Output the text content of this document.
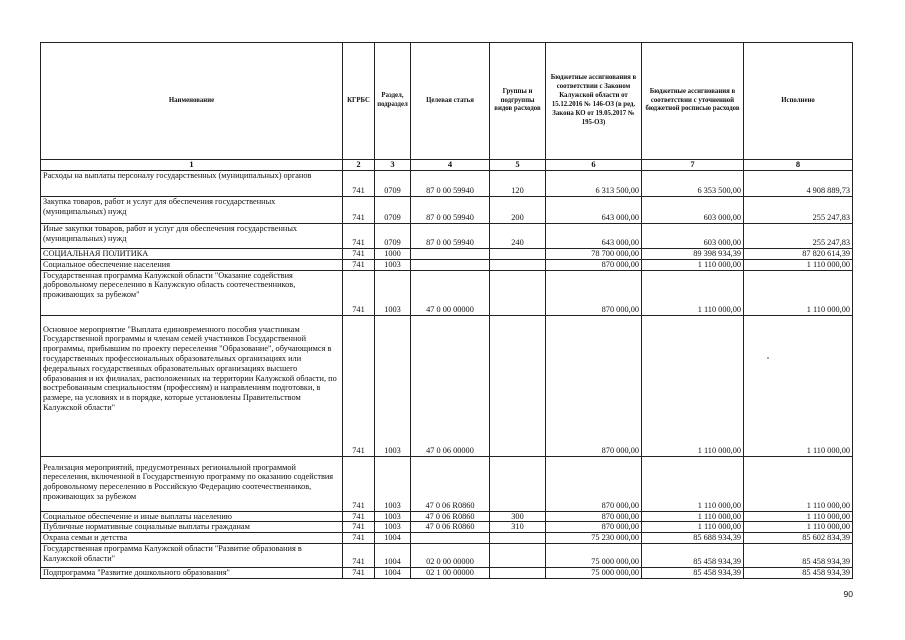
Наименование	КГРБС	Раздел, подраздел	Целевая статья	Группы и подгруппы видов расходов	Бюджетные ассигнования в соответствии с Законом Калужской области от 15.12.2016 № 146-ОЗ (в ред. Закона КО от 19.05.2017 № 195-ОЗ)	Бюджетные ассигнования в соответствии с уточненной бюджетной росписью расходов	Исполнено
1	2	3	4	5	6	7	8
Расходы на выплаты персоналу государственных (муниципальных) органов	741	0709	87 0 00 59940	120	6 313 500,00	6 353 500,00	4 908 889,73
Закупка товаров, работ и услуг для обеспечения государственных (муниципальных) нужд	741	0709	87 0 00 59940	200	643 000,00	603 000,00	255 247,83
Иные закупки товаров, работ и услуг для обеспечения государственных (муниципальных) нужд	741	0709	87 0 00 59940	240	643 000,00	603 000,00	255 247,83
СОЦИАЛЬНАЯ ПОЛИТИКА	741	1000			78 700 000,00	89 398 934,39	87 820 614,39
Социальное обеспечение населения	741	1003			870 000,00	1 110 000,00	1 110 000,00
Государственная программа Калужской области "Оказание содействия добровольному переселению в Калужскую область соотечественников, проживающих за рубежом"	741	1003	47 0 00 00000		870 000,00	1 110 000,00	1 110 000,00
Основное мероприятие "Выплата единовременного пособия участникам Государственной программы и членам семей участников Государственной программы, прибывшим по проекту переселения "Образование", обучающимся в государственных профессиональных образовательных организациях или федеральных государственных образовательных организациях высшего образования и их филиалах, расположенных на территории Калужской области, по востребованным специальностям (профессиям) и направлениям подготовки, в размере, на условиях и в порядке, которые установлены Правительством Калужской области"	741	1003	47 0 06 00000		870 000,00	1 110 000,00	1 110 000,00
Реализация мероприятий, предусмотренных региональной программой переселения, включенной в Государственную программу по оказанию содействия добровольному переселению в Российскую Федерацию соотечественников, проживающих за рубежом	741	1003	47 0 06 R0860		870 000,00	1 110 000,00	1 110 000,00
Социальное обеспечение и иные выплаты населению	741	1003	47 0 06 R0860	300	870 000,00	1 110 000,00	1 110 000,00
Публичные нормативные социальные выплаты гражданам	741	1003	47 0 06 R0860	310	870 000,00	1 110 000,00	1 110 000,00
Охрана семьи и детства	741	1004			75 230 000,00	85 688 934,39	85 602 834,39
Государственная программа Калужской области "Развитие образования в Калужской области"	741	1004	02 0 00 00000		75 000 000,00	85 458 934,39	85 458 934,39
Подпрограмма "Развитие дошкольного образования"	741	1004	02 1 00 00000		75 000 000,00	85 458 934,39	85 458 934,39
90
